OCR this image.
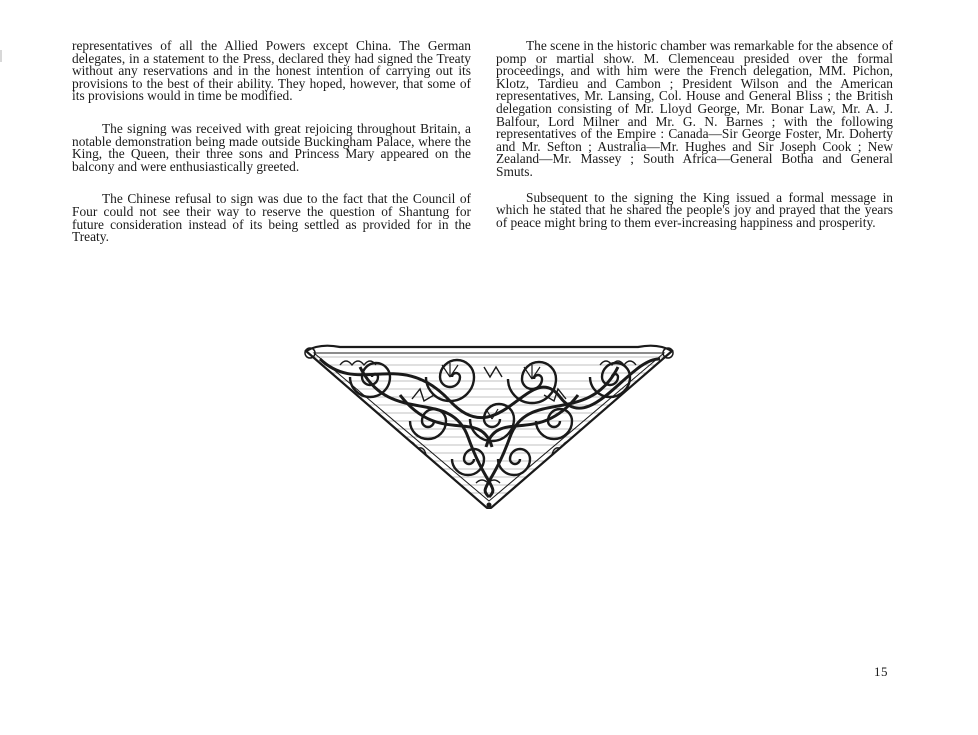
representatives of all the Allied Powers except China. The German delegates, in a statement to the Press, declared they had signed the Treaty without any reservations and in the honest intention of carrying out its provisions to the best of their ability. They hoped, however, that some of its provisions would in time be modified.

The signing was received with great rejoicing throughout Britain, a notable demonstration being made outside Buckingham Palace, where the King, the Queen, their three sons and Princess Mary appeared on the balcony and were enthusiastically greeted.

The Chinese refusal to sign was due to the fact that the Council of Four could not see their way to reserve the question of Shantung for future consideration instead of its being settled as provided for in the Treaty.

The scene in the historic chamber was remarkable for the absence of pomp or martial show. M. Clemenceau presided over the formal proceedings, and with him were the French delegation, MM. Pichon, Klotz, Tardieu and Cambon ; President Wilson and the American representatives, Mr. Lansing, Col. House and General Bliss ; the British delegation consisting of Mr. Lloyd George, Mr. Bonar Law, Mr. A. J. Balfour, Lord Milner and Mr. G. N. Barnes ; with the following representatives of the Empire : Canada—Sir George Foster, Mr. Doherty and Mr. Sefton ; Australia—Mr. Hughes and Sir Joseph Cook ; New Zealand—Mr. Massey ; South Africa—General Botha and General Smuts.

Subsequent to the signing the King issued a formal message in which he stated that he shared the people's joy and prayed that the years of peace might bring to them ever-increasing happiness and prosperity.

15
